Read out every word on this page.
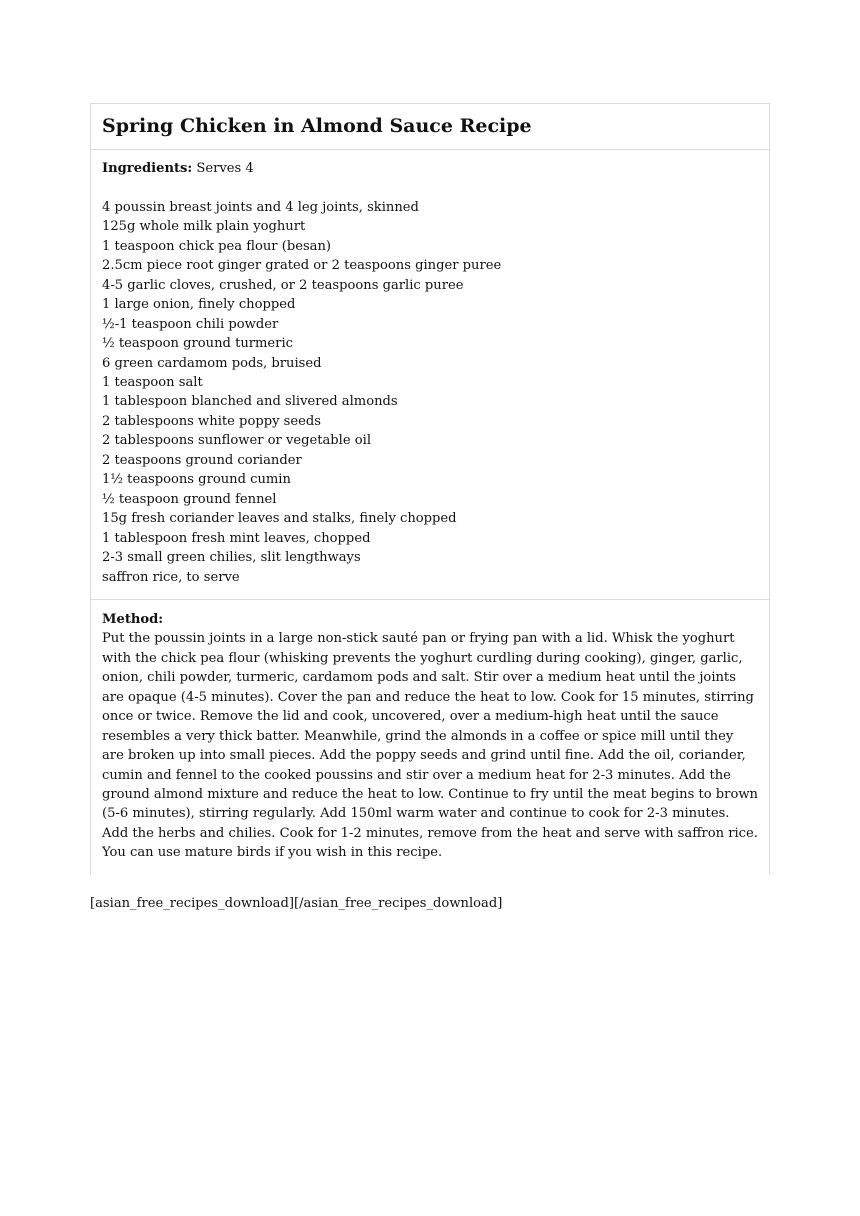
Spring Chicken in Almond Sauce Recipe
Ingredients: Serves 4
4 poussin breast joints and 4 leg joints, skinned
125g whole milk plain yoghurt
1 teaspoon chick pea flour (besan)
2.5cm piece root ginger grated or 2 teaspoons ginger puree
4-5 garlic cloves, crushed, or 2 teaspoons garlic puree
1 large onion, finely chopped
½-1 teaspoon chili powder
½ teaspoon ground turmeric
6 green cardamom pods, bruised
1 teaspoon salt
1 tablespoon blanched and slivered almonds
2 tablespoons white poppy seeds
2 tablespoons sunflower or vegetable oil
2 teaspoons ground coriander
1½ teaspoons ground cumin
½ teaspoon ground fennel
15g fresh coriander leaves and stalks, finely chopped
1 tablespoon fresh mint leaves, chopped
2-3 small green chilies, slit lengthways
saffron rice, to serve
Method:
Put the poussin joints in a large non-stick sauté pan or frying pan with a lid. Whisk the yoghurt
with the chick pea flour (whisking prevents the yoghurt curdling during cooking), ginger, garlic,
onion, chili powder, turmeric, cardamom pods and salt. Stir over a medium heat until the joints
are opaque (4-5 minutes). Cover the pan and reduce the heat to low. Cook for 15 minutes, stirring
once or twice. Remove the lid and cook, uncovered, over a medium-high heat until the sauce
resembles a very thick batter. Meanwhile, grind the almonds in a coffee or spice mill until they
are broken up into small pieces. Add the poppy seeds and grind until fine. Add the oil, coriander,
cumin and fennel to the cooked poussins and stir over a medium heat for 2-3 minutes. Add the
ground almond mixture and reduce the heat to low. Continue to fry until the meat begins to brown
(5-6 minutes), stirring regularly. Add 150ml warm water and continue to cook for 2-3 minutes.
Add the herbs and chilies. Cook for 1-2 minutes, remove from the heat and serve with saffron rice.
You can use mature birds if you wish in this recipe.
[asian_free_recipes_download][/asian_free_recipes_download]
